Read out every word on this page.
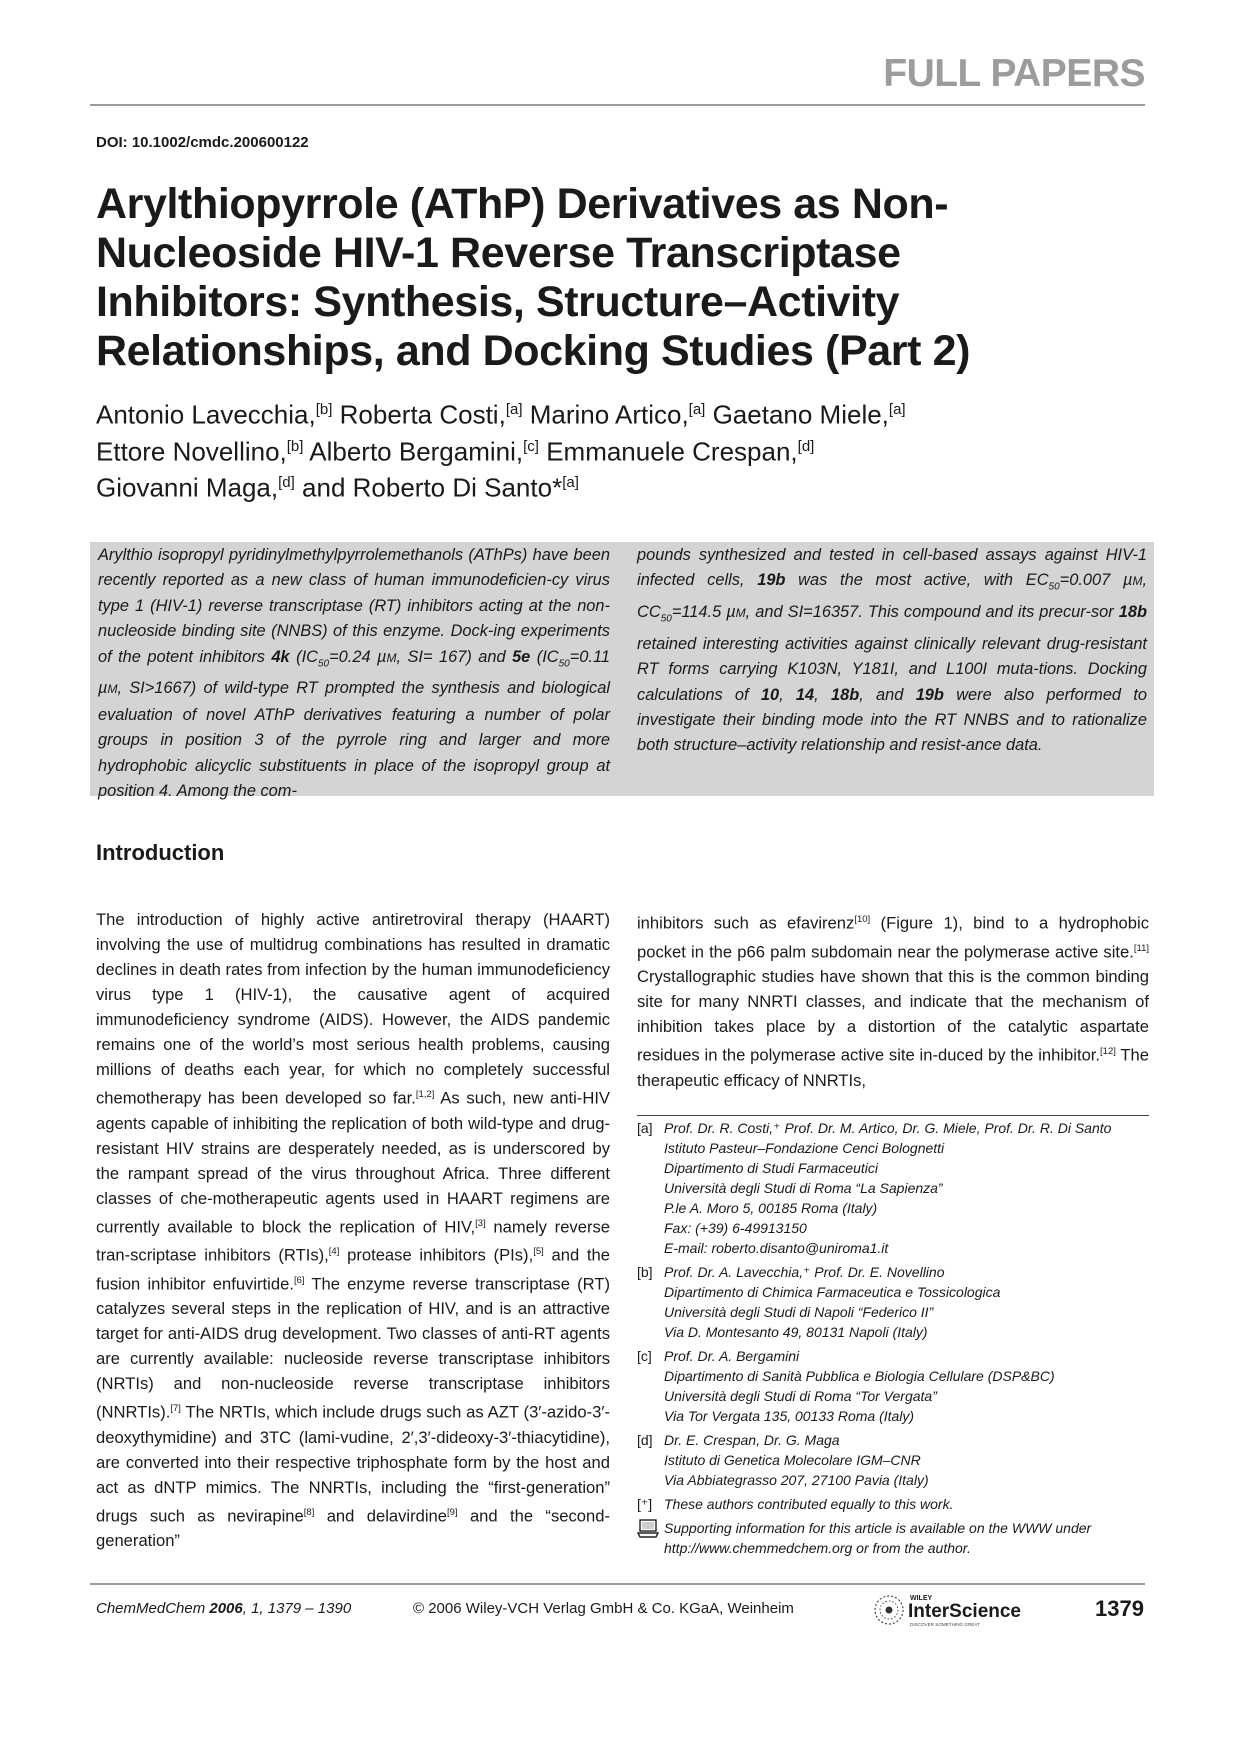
FULL PAPERS
DOI: 10.1002/cmdc.200600122
Arylthiopyrrole (AThP) Derivatives as Non-
Nucleoside HIV-1 Reverse Transcriptase
Inhibitors: Synthesis, Structure–Activity
Relationships, and Docking Studies (Part 2)
Antonio Lavecchia,[b] Roberta Costi,[a] Marino Artico,[a] Gaetano Miele,[a]
Ettore Novellino,[b] Alberto Bergamini,[c] Emmanuele Crespan,[d]
Giovanni Maga,[d] and Roberto Di Santo*[a]
Arylthio isopropyl pyridinylmethylpyrrolemethanols (AThPs) have been recently reported as a new class of human immunodeficien-cy virus type 1 (HIV-1) reverse transcriptase (RT) inhibitors acting at the non-nucleoside binding site (NNBS) of this enzyme. Dock-ing experiments of the potent inhibitors 4k ($IC_{50}=0.24$ µM, SI= 167) and 5e ($IC_{50}=0.11$ µM, SI>1667) of wild-type RT prompted the synthesis and biological evaluation of novel AThP derivatives featuring a number of polar groups in position 3 of the pyrrole ring and larger and more hydrophobic alicyclic substituents in place of the isopropyl group at position 4. Among the com-
pounds synthesized and tested in cell-based assays against HIV-1 infected cells, 19b was the most active, with $EC_{50}=0.007$ µM, $CC_{50}=114.5$ µM, and SI=16357. This compound and its precur-sor 18b retained interesting activities against clinically relevant drug-resistant RT forms carrying K103N, Y181I, and L100I muta-tions. Docking calculations of 10, 14, 18b, and 19b were also performed to investigate their binding mode into the RT NNBS and to rationalize both structure–activity relationship and resist-ance data.
Introduction
The introduction of highly active antiretroviral therapy (HAART) involving the use of multidrug combinations has resulted in dramatic declines in death rates from infection by the human immunodeficiency virus type 1 (HIV-1), the causative agent of acquired immunodeficiency syndrome (AIDS). However, the AIDS pandemic remains one of the world’s most serious health problems, causing millions of deaths each year, for which no completely successful chemotherapy has been developed so far.[1,2] As such, new anti-HIV agents capable of inhibiting the replication of both wild-type and drug-resistant HIV strains are desperately needed, as is underscored by the rampant spread of the virus throughout Africa. Three different classes of che-motherapeutic agents used in HAART regimens are currently available to block the replication of HIV,[3] namely reverse tran-scriptase inhibitors (RTIs),[4] protease inhibitors (PIs),[5] and the fusion inhibitor enfuvirtide.[6] The enzyme reverse transcriptase (RT) catalyzes several steps in the replication of HIV, and is an attractive target for anti-AIDS drug development. Two classes of anti-RT agents are currently available: nucleoside reverse transcriptase inhibitors (NRTIs) and non-nucleoside reverse transcriptase inhibitors (NNRTIs).[7] The NRTIs, which include drugs such as AZT (3′-azido-3′-deoxythymidine) and 3TC (lami-vudine, 2′,3′-dideoxy-3′-thiacytidine), are converted into their respective triphosphate form by the host and act as dNTP mimics. The NNRTIs, including the “first-generation” drugs such as nevirapine[8] and delavirdine[9] and the “second-generation”
inhibitors such as efavirenz[10] (Figure 1), bind to a hydrophobic pocket in the p66 palm subdomain near the polymerase active site.[11] Crystallographic studies have shown that this is the common binding site for many NNRTI classes, and indicate that the mechanism of inhibition takes place by a distortion of the catalytic aspartate residues in the polymerase active site in-duced by the inhibitor.[12] The therapeutic efficacy of NNRTIs,
[a] Prof. Dr. R. Costi,⁺ Prof. Dr. M. Artico, Dr. G. Miele, Prof. Dr. R. Di Santo
Istituto Pasteur–Fondazione Cenci Bolognetti
Dipartimento di Studi Farmaceutici
Università degli Studi di Roma “La Sapienza”
P.le A. Moro 5, 00185 Roma (Italy)
Fax: (+39) 6-49913150
E-mail: roberto.disanto@uniroma1.it
[b] Prof. Dr. A. Lavecchia,⁺ Prof. Dr. E. Novellino
Dipartimento di Chimica Farmaceutica e Tossicologica
Università degli Studi di Napoli “Federico II”
Via D. Montesanto 49, 80131 Napoli (Italy)
[c] Prof. Dr. A. Bergamini
Dipartimento di Sanità Pubblica e Biologia Cellulare (DSP&BC)
Università degli Studi di Roma “Tor Vergata”
Via Tor Vergata 135, 00133 Roma (Italy)
[d] Dr. E. Crespan, Dr. G. Maga
Istituto di Genetica Molecolare IGM–CNR
Via Abbiategrasso 207, 27100 Pavia (Italy)
[⁺] These authors contributed equally to this work.
Supporting information for this article is available on the WWW under
http://www.chemmedchem.org or from the author.
ChemMedChem 2006, 1, 1379 – 1390	© 2006 Wiley-VCH Verlag GmbH & Co. KGaA, Weinheim
WILEY
InterScience
DISCOVER SOMETHING GREAT
1379
